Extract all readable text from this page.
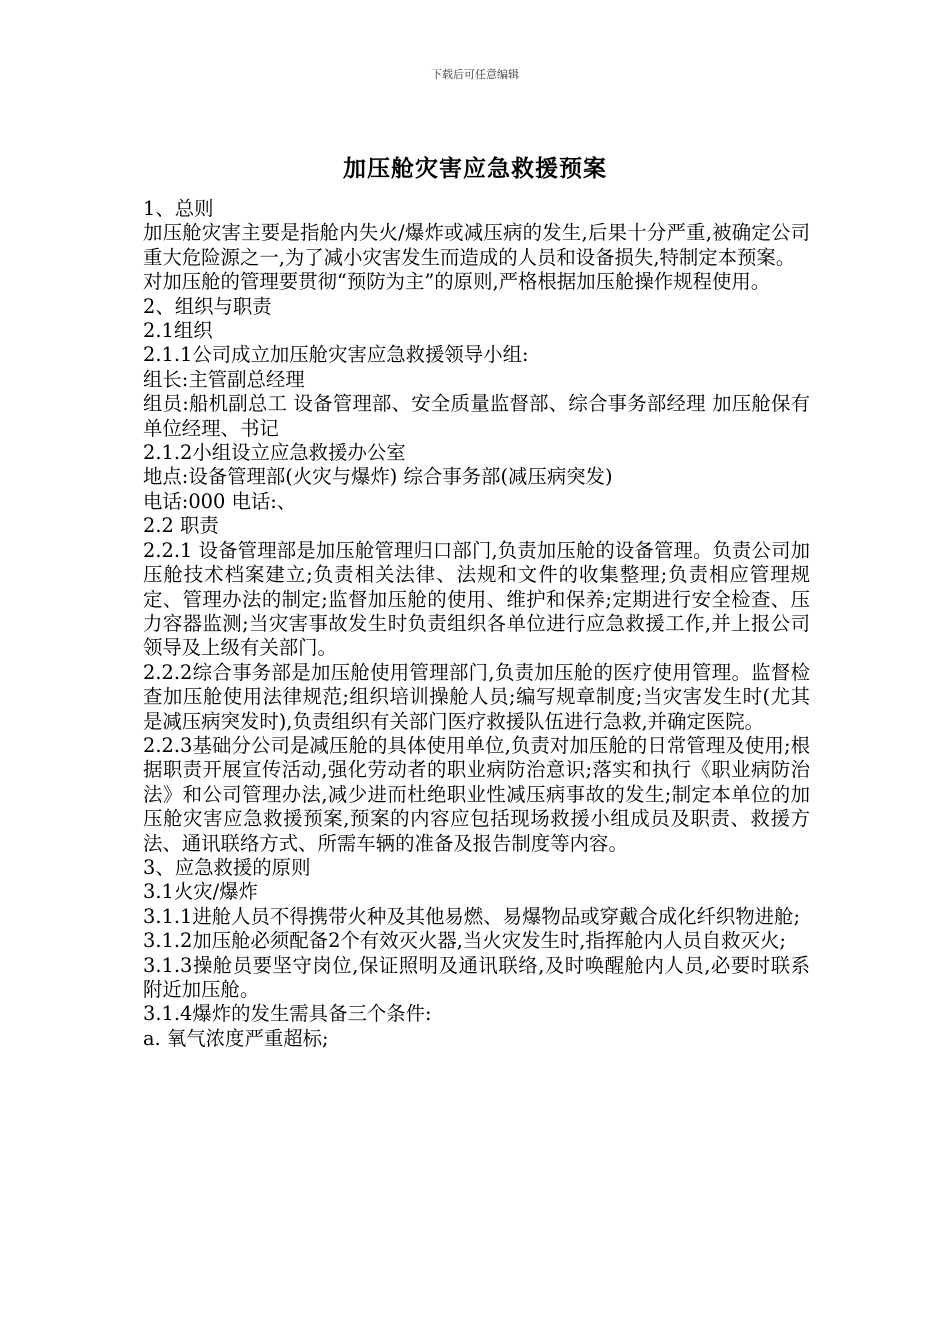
下载后可任意编辑
加压舱灾害应急救援预案

1、总则

加压舱灾害主要是指舱内失火/爆炸或减压病的发生,后果十分严重,被确定公司重大危险源之一,为了减小灾害发生而造成的人员和设备损失,特制定本预案。

对加压舱的管理要贯彻“预防为主”的原则,严格根据加压舱操作规程使用。

2、组织与职责

2.1组织

2.1.1公司成立加压舱灾害应急救援领导小组:

组长:主管副总经理

组员:船机副总工 设备管理部、安全质量监督部、综合事务部经理 加压舱保有单位经理、书记

2.1.2小组设立应急救援办公室

地点:设备管理部(火灾与爆炸) 综合事务部(减压病突发)

电话:000 电话:、

2.2 职责

2.2.1 设备管理部是加压舱管理归口部门,负责加压舱的设备管理。负责公司加压舱技术档案建立;负责相关法律、法规和文件的收集整理;负责相应管理规定、管理办法的制定;监督加压舱的使用、维护和保养;定期进行安全检查、压力容器监测;当灾害事故发生时负责组织各单位进行应急救援工作,并上报公司领导及上级有关部门。

2.2.2综合事务部是加压舱使用管理部门,负责加压舱的医疗使用管理。监督检查加压舱使用法律规范;组织培训操舱人员;编写规章制度;当灾害发生时(尤其是减压病突发时),负责组织有关部门医疗救援队伍进行急救,并确定医院。

2.2.3基础分公司是减压舱的具体使用单位,负责对加压舱的日常管理及使用;根据职责开展宣传活动,强化劳动者的职业病防治意识;落实和执行《职业病防治法》和公司管理办法,减少进而杜绝职业性减压病事故的发生;制定本单位的加压舱灾害应急救援预案,预案的内容应包括现场救援小组成员及职责、救援方法、通讯联络方式、所需车辆的准备及报告制度等内容。

3、应急救援的原则

3.1火灾/爆炸

3.1.1进舱人员不得携带火种及其他易燃、易爆物品或穿戴合成化纤织物进舱;

3.1.2加压舱必须配备2个有效灭火器,当火灾发生时,指挥舱内人员自救灭火;

3.1.3操舱员要坚守岗位,保证照明及通讯联络,及时唤醒舱内人员,必要时联系附近加压舱。

3.1.4爆炸的发生需具备三个条件:

a. 氧气浓度严重超标;
